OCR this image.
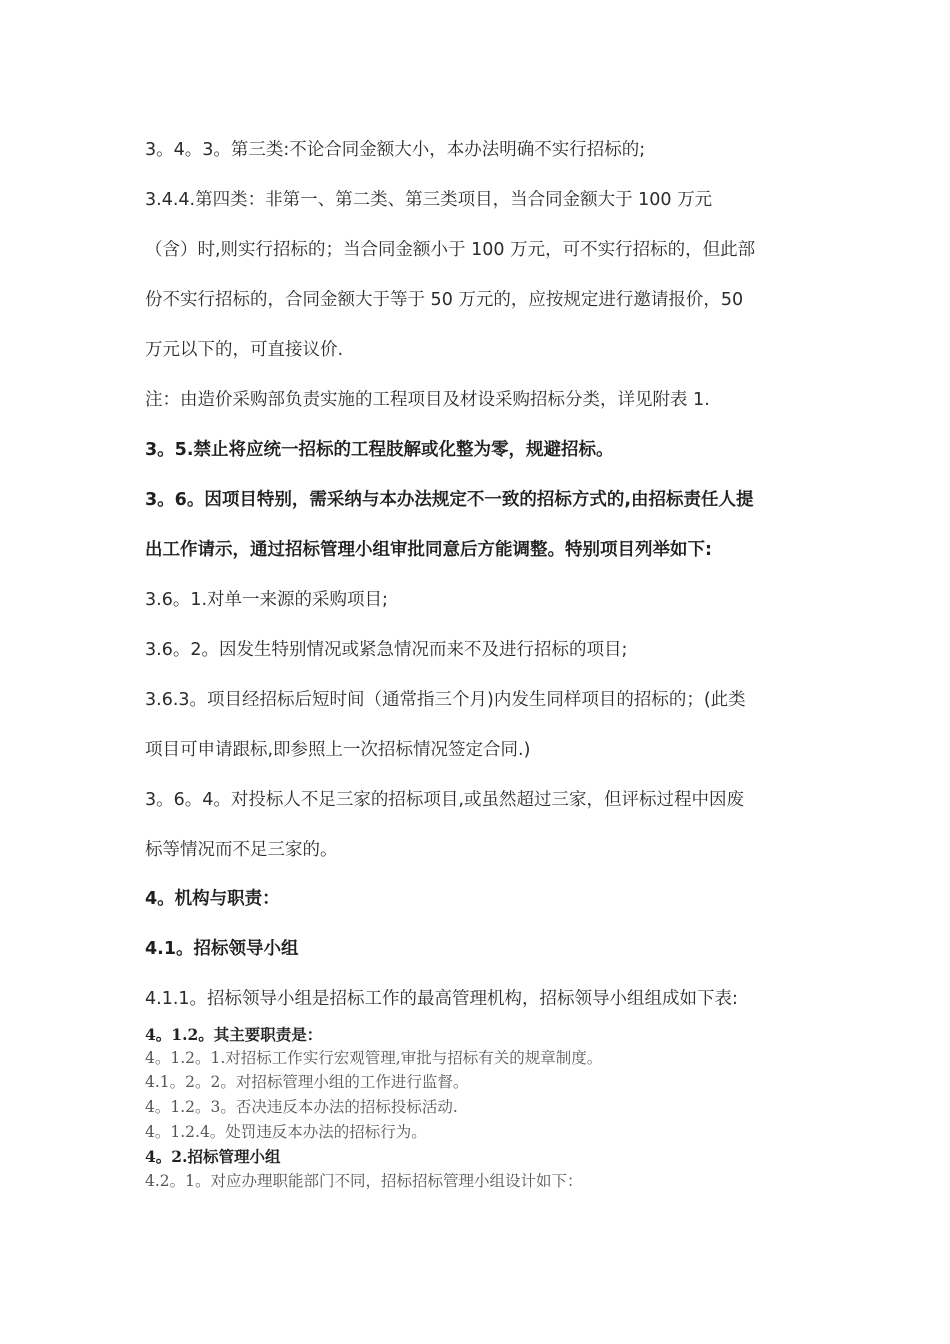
3。4。3。第三类:不论合同金额大小，本办法明确不实行招标的;
3.4.4.第四类：非第一、第二类、第三类项目，当合同金额大于 100 万元
（含）时,则实行招标的；当合同金额小于 100 万元，可不实行招标的，但此部
份不实行招标的，合同金额大于等于 50 万元的，应按规定进行邀请报价，50
万元以下的，可直接议价.
注：由造价采购部负责实施的工程项目及材设采购招标分类，详见附表 1.
3。5.禁止将应统一招标的工程肢解或化整为零，规避招标。
3。6。因项目特别，需采纳与本办法规定不一致的招标方式的,由招标责任人提
出工作请示，通过招标管理小组审批同意后方能调整。特别项目列举如下:
3.6。1.对单一来源的采购项目;
3.6。2。因发生特别情况或紧急情况而来不及进行招标的项目;
3.6.3。项目经招标后短时间（通常指三个月)内发生同样项目的招标的；(此类
项目可申请跟标,即参照上一次招标情况签定合同.)
3。6。4。对投标人不足三家的招标项目,或虽然超过三家，但评标过程中因废
标等情况而不足三家的。
4。机构与职责：
4.1。招标领导小组
4.1.1。招标领导小组是招标工作的最高管理机构，招标领导小组组成如下表:
4。1.2。其主要职责是：
4。1.2。1.对招标工作实行宏观管理,审批与招标有关的规章制度。
4.1。2。2。对招标管理小组的工作进行监督。
4。1.2。3。否决违反本办法的招标投标活动.
4。1.2.4。处罚违反本办法的招标行为。
4。2.招标管理小组
4.2。1。对应办理职能部门不同，招标招标管理小组设计如下：
